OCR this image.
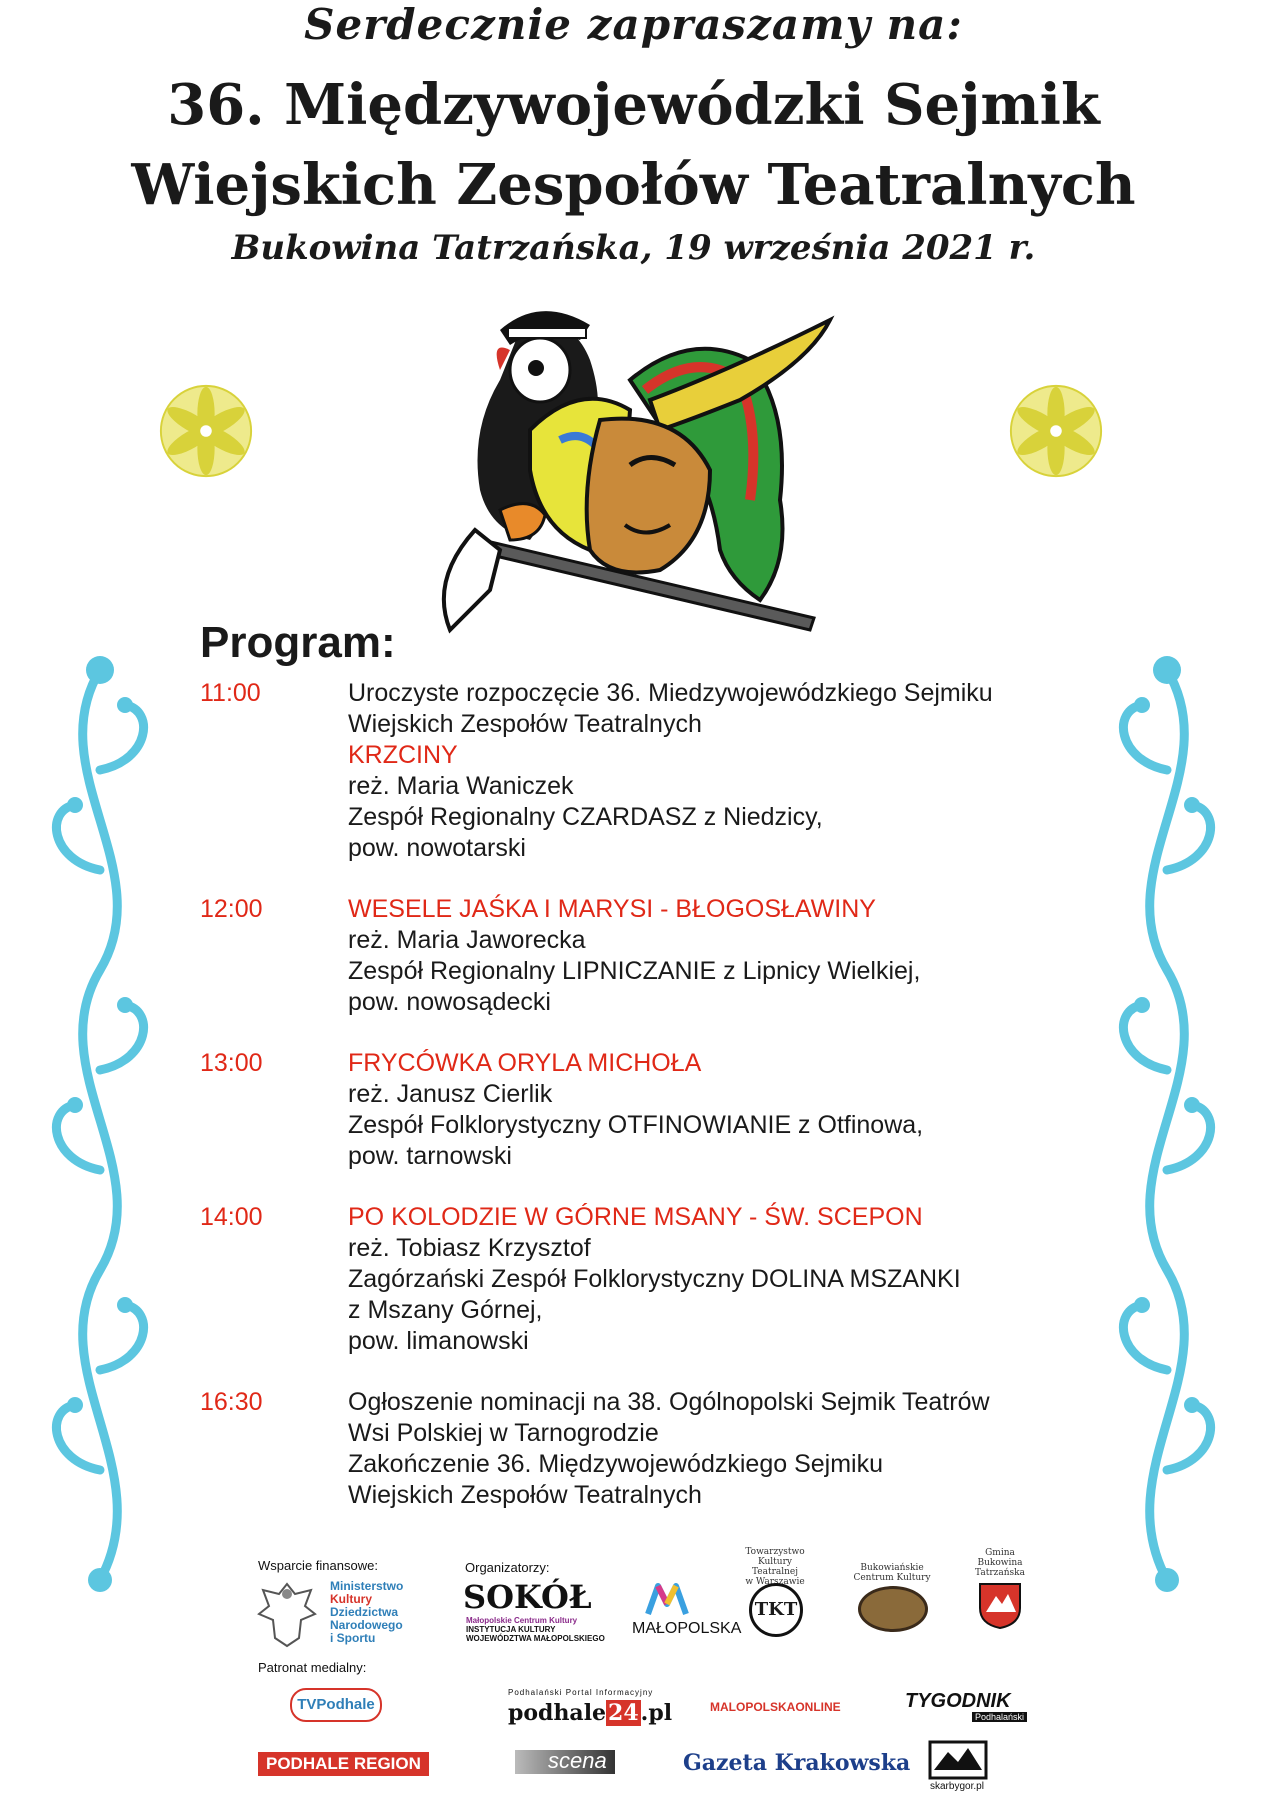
Serdecznie zapraszamy na:
36. Międzywojewódzki Sejmik
Wiejskich Zespołów Teatralnych
Bukowina Tatrzańska, 19 września 2021 r.
Program:
11:00	Uroczyste rozpoczęcie 36. Miedzywojewódzkiego Sejmiku
Wiejskich Zespołów Teatralnych
KRZCINY
reż. Maria Waniczek
Zespół Regionalny CZARDASZ z Niedzicy,
pow. nowotarski
12:00	WESELE JAŚKA I MARYSI - BŁOGOSŁAWINY
reż. Maria Jaworecka
Zespół Regionalny LIPNICZANIE z Lipnicy Wielkiej,
pow. nowosądecki
13:00	FRYCÓWKA ORYLA MICHOŁA
reż. Janusz Cierlik
Zespół Folklorystyczny OTFINOWIANIE z Otfinowa,
pow. tarnowski
14:00	PO KOLODZIE W GÓRNE MSANY - ŚW. SCEPON
reż. Tobiasz Krzysztof
Zagórzański Zespół Folklorystyczny DOLINA MSZANKI
z Mszany Górnej,
pow. limanowski
16:30	Ogłoszenie nominacji na 38. Ogólnopolski Sejmik Teatrów
Wsi Polskiej w Tarnogrodzie
Zakończenie 36. Międzywojewódzkiego Sejmiku
Wiejskich Zespołów Teatralnych
Wsparcie finansowe:
Ministerstwo
Kultury
Dziedzictwa
Narodowego
i Sportu
Organizatorzy:
SOKÓŁ
Małopolskie Centrum Kultury
INSTYTUCJA KULTURY
WOJEWÓDZTWA MAŁOPOLSKIEGO
MAŁOPOLSKA
Towarzystwo
Kultury Teatralnej
w Warszawie
TKT
Bukowiańskie
Centrum Kultury
Gmina
Bukowina
Tatrzańska
Patronat medialny:
TVPodhale
Podhalański Portal Informacyjny
podhale24.pl	MALOPOLSKAONLINE	TYGODNIK
Podhalański
PODHALE REGION	scena	Gazeta Krakowska
skarbygor.pl
